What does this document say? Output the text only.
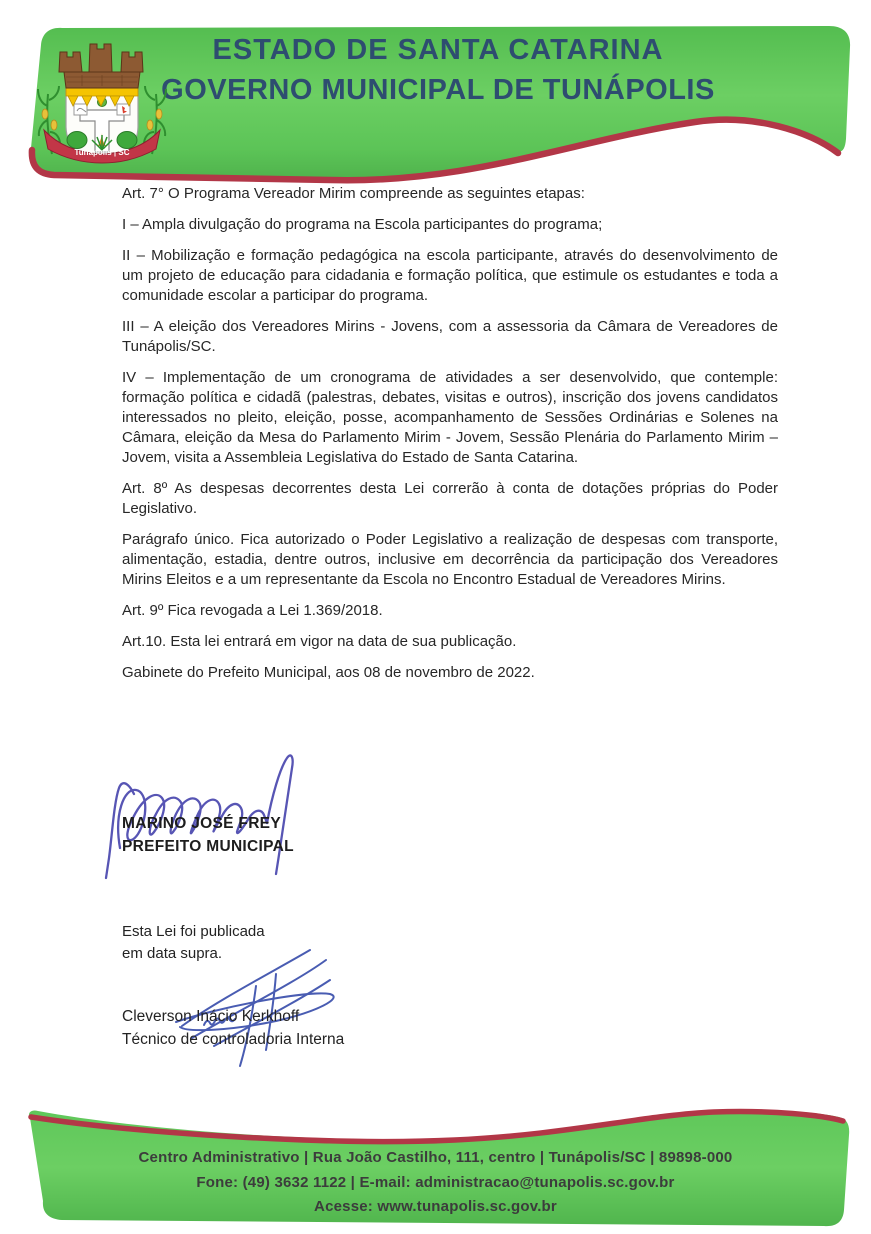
ESTADO DE SANTA CATARINA
GOVERNO MUNICIPAL DE TUNÁPOLIS
Tunápolis | SC

Art. 7° O Programa Vereador Mirim compreende as seguintes etapas:

I – Ampla divulgação do programa na Escola participantes do programa;

II – Mobilização e formação pedagógica na escola participante, através do desenvolvimento de um projeto de educação para cidadania e formação política, que estimule os estudantes e toda a comunidade escolar a participar do programa.

III – A eleição dos Vereadores Mirins - Jovens, com a assessoria da Câmara de Vereadores de Tunápolis/SC.

IV – Implementação de um cronograma de atividades a ser desenvolvido, que contemple: formação política e cidadã (palestras, debates, visitas e outros), inscrição dos jovens candidatos interessados no pleito, eleição, posse, acompanhamento de Sessões Ordinárias e Solenes na Câmara, eleição da Mesa do Parlamento Mirim - Jovem, Sessão Plenária do Parlamento Mirim – Jovem, visita a Assembleia Legislativa do Estado de Santa Catarina.

Art. 8º As despesas decorrentes desta Lei correrão à conta de dotações próprias do Poder Legislativo.

Parágrafo único. Fica autorizado o Poder Legislativo a realização de despesas com transporte, alimentação, estadia, dentre outros, inclusive em decorrência da participação dos Vereadores Mirins Eleitos e a um representante da Escola no Encontro Estadual de Vereadores Mirins.

Art. 9º Fica revogada a Lei 1.369/2018.

Art.10. Esta lei entrará em vigor na data de sua publicação.

Gabinete do Prefeito Municipal, aos 08 de novembro de 2022.

MARINO JOSÉ FREY
PREFEITO MUNICIPAL
Esta Lei foi publicada
em data supra.
Cleverson Inácio Kerkhoff
Técnico de controladoria Interna
Centro Administrativo | Rua João Castilho, 111, centro | Tunápolis/SC | 89898-000
Fone: (49) 3632 1122 | E-mail: administracao@tunapolis.sc.gov.br
Acesse: www.tunapolis.sc.gov.br
